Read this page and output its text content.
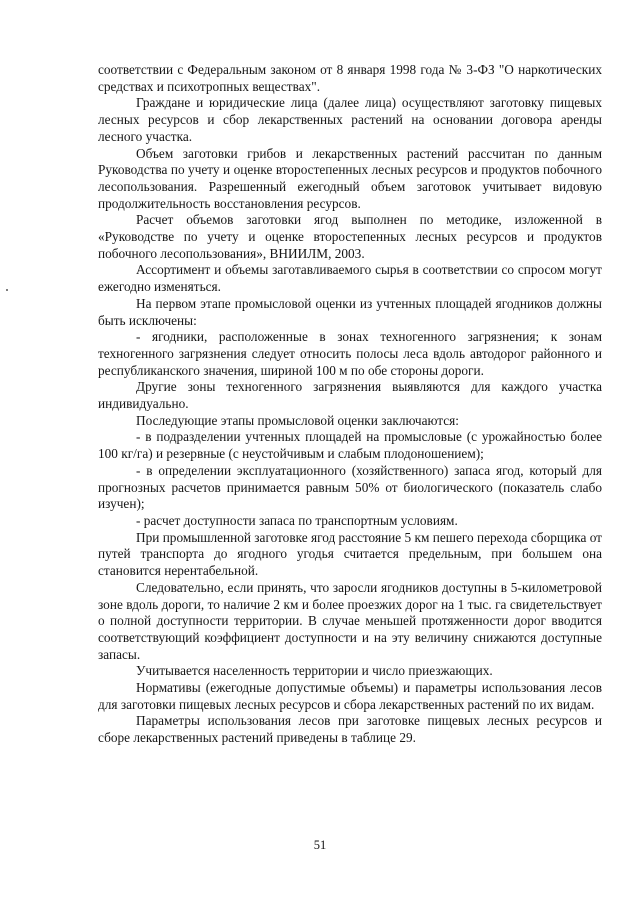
соответствии с Федеральным законом от 8 января 1998 года № 3-ФЗ "О наркотических средствах и психотропных веществах".

Граждане и юридические лица (далее лица) осуществляют заготовку пищевых лесных ресурсов и сбор лекарственных растений на основании договора аренды лесного участка.

Объем заготовки грибов и лекарственных растений рассчитан по данным Руководства по учету и оценке второстепенных лесных ресурсов и продуктов побочного лесопользования. Разрешенный ежегодный объем заготовок учитывает видовую продолжительность восстановления ресурсов.

Расчет объемов заготовки ягод выполнен по методике, изложенной в «Руководстве по учету и оценке второстепенных лесных ресурсов и продуктов побочного лесопользования», ВНИИЛМ, 2003.

Ассортимент и объемы заготавливаемого сырья в соответствии со спросом могут ежегодно изменяться.

На первом этапе промысловой оценки из учтенных площадей ягодников должны быть исключены:

- ягодники, расположенные в зонах техногенного загрязнения; к зонам техногенного загрязнения следует относить полосы леса вдоль автодорог районного и республиканского значения, шириной 100 м по обе стороны дороги.

Другие зоны техногенного загрязнения выявляются для каждого участка индивидуально.

Последующие этапы промысловой оценки заключаются:

- в подразделении учтенных площадей на промысловые (с урожайностью более 100 кг/га) и резервные (с неустойчивым и слабым плодоношением);

- в определении эксплуатационного (хозяйственного) запаса ягод, который для прогнозных расчетов принимается равным 50% от биологического (показатель слабо изучен);

- расчет доступности запаса по транспортным условиям.

При промышленной заготовке ягод расстояние 5 км пешего перехода сборщика от путей транспорта до ягодного угодья считается предельным, при большем она становится нерентабельной.

Следовательно, если принять, что заросли ягодников доступны в 5-километровой зоне вдоль дороги, то наличие 2 км и более проезжих дорог на 1 тыс. га свидетельствует о полной доступности территории. В случае меньшей протяженности дорог вводится соответствующий коэффициент доступности и на эту величину снижаются доступные запасы.

Учитывается населенность территории и число приезжающих.

Нормативы (ежегодные допустимые объемы) и параметры использования лесов для заготовки пищевых лесных ресурсов и сбора лекарственных растений по их видам.

Параметры использования лесов при заготовке пищевых лесных ресурсов и сборе лекарственных растений приведены в таблице 29.

51
